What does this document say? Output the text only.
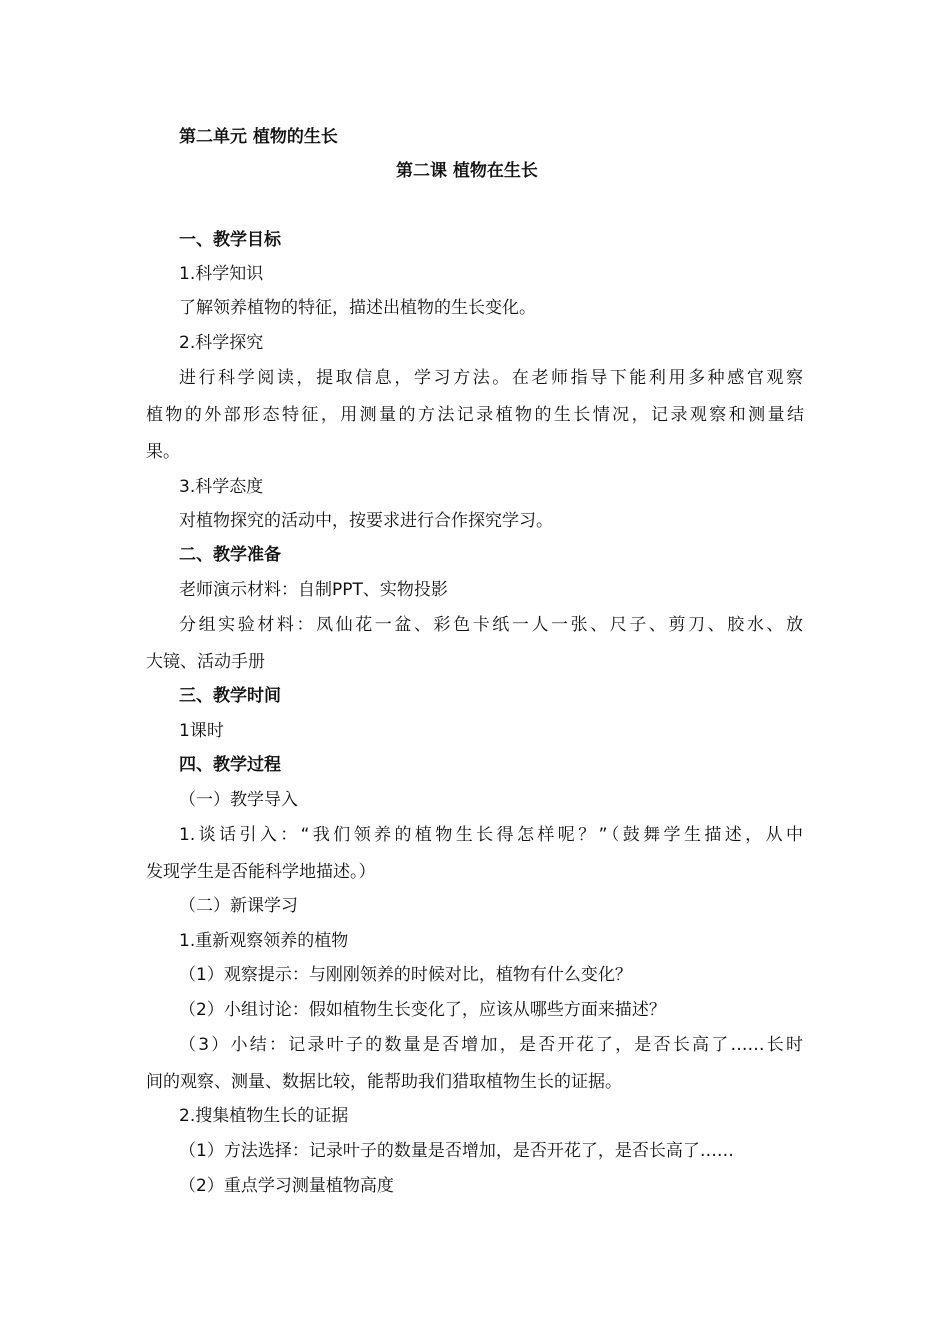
第二单元 植物的生长
第二课 植物在生长
一、教学目标
1.科学知识
了解领养植物的特征，描述出植物的生长变化。
2.科学探究
进行科学阅读，提取信息，学习方法。在老师指导下能利用多种感官观察
植物的外部形态特征，用测量的方法记录植物的生长情况，记录观察和测量结
果。
3.科学态度
对植物探究的活动中，按要求进行合作探究学习。
二、教学准备
老师演示材料：自制PPT、实物投影
分组实验材料：凤仙花一盆、彩色卡纸一人一张、尺子、剪刀、胶水、放
大镜、活动手册
三、教学时间
1课时
四、教学过程
（一）教学导入
1.谈话引入：“我们领养的植物生长得怎样呢？”（鼓舞学生描述，从中
发现学生是否能科学地描述。）
（二）新课学习
1.重新观察领养的植物
（1）观察提示：与刚刚领养的时候对比，植物有什么变化？
（2）小组讨论：假如植物生长变化了，应该从哪些方面来描述？
（3）小结：记录叶子的数量是否增加，是否开花了，是否长高了……长时
间的观察、测量、数据比较，能帮助我们猎取植物生长的证据。
2.搜集植物生长的证据
（1）方法选择：记录叶子的数量是否增加，是否开花了，是否长高了……
（2）重点学习测量植物高度
